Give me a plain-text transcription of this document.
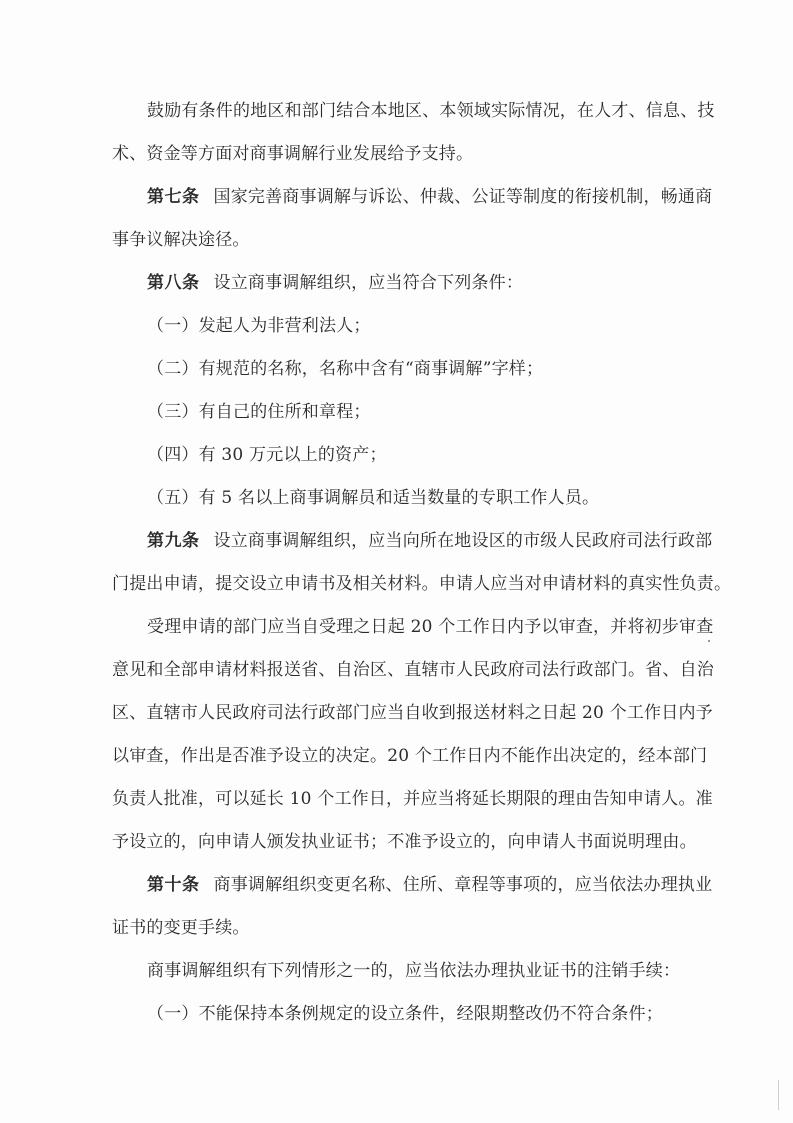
鼓励有条件的地区和部门结合本地区、本领域实际情况，在人才、信息、技
术、资金等方面对商事调解行业发展给予支持。
第七条 国家完善商事调解与诉讼、仲裁、公证等制度的衔接机制，畅通商
事争议解决途径。
第八条 设立商事调解组织，应当符合下列条件：
（一）发起人为非营利法人；
（二）有规范的名称，名称中含有“商事调解”字样；
（三）有自己的住所和章程；
（四）有 30 万元以上的资产；
（五）有 5 名以上商事调解员和适当数量的专职工作人员。
第九条 设立商事调解组织，应当向所在地设区的市级人民政府司法行政部
门提出申请，提交设立申请书及相关材料。申请人应当对申请材料的真实性负责。
受理申请的部门应当自受理之日起 20 个工作日内予以审查，并将初步审查
意见和全部申请材料报送省、自治区、直辖市人民政府司法行政部门。省、自治
区、直辖市人民政府司法行政部门应当自收到报送材料之日起 20 个工作日内予
以审查，作出是否准予设立的决定。20 个工作日内不能作出决定的，经本部门
负责人批准，可以延长 10 个工作日，并应当将延长期限的理由告知申请人。准
予设立的，向申请人颁发执业证书；不准予设立的，向申请人书面说明理由。
第十条 商事调解组织变更名称、住所、章程等事项的，应当依法办理执业
证书的变更手续。
商事调解组织有下列情形之一的，应当依法办理执业证书的注销手续：
（一）不能保持本条例规定的设立条件，经限期整改仍不符合条件；
